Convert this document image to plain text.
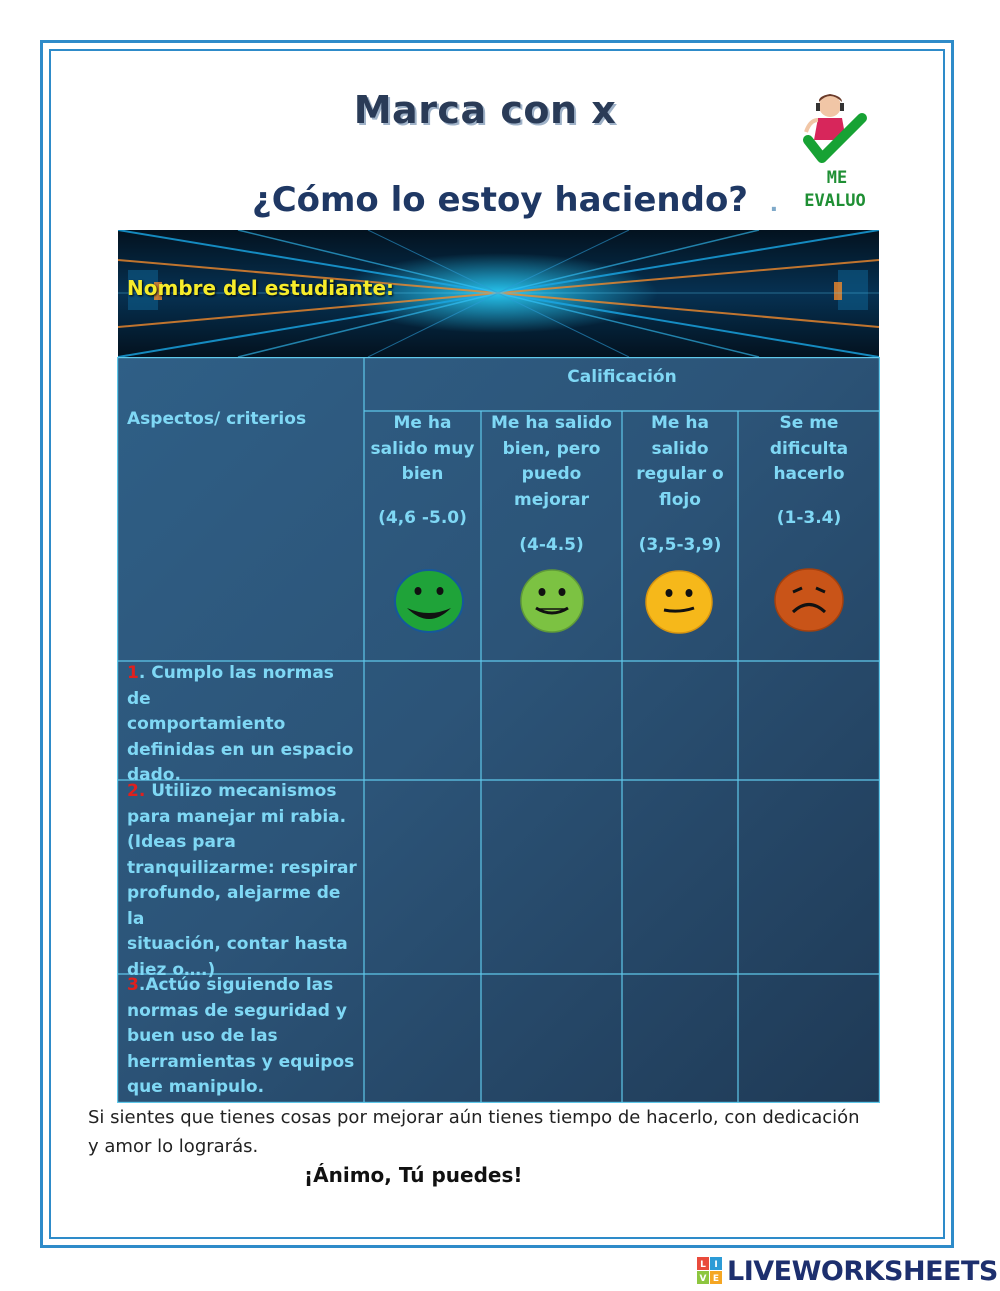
Marca con x
¿Cómo lo estoy haciendo? .
ME
EVALUO
Nombre del estudiante:
Aspectos/ criterios
Calificación
Me ha
salido muy
bien
(4,6 -5.0)
Me ha salido
bien, pero
puedo
mejorar
(4-4.5)
Me ha
salido
regular o
flojo
(3,5-3,9)
Se me
dificulta
hacerlo
(1-3.4)
1. Cumplo las normas de
comportamiento
definidas en un espacio
dado.
2. Utilizo mecanismos
para manejar mi rabia.
(Ideas para
tranquilizarme: respirar
profundo, alejarme de la
situación, contar hasta
diez o….)
3.Actúo siguiendo las
normas de seguridad y
buen uso de las
herramientas y equipos
que manipulo.
Si sientes que tienes cosas por mejorar aún tienes tiempo de hacerlo, con dedicación
y amor lo lograrás.
¡Ánimo, Tú puedes!
L I
V E LIVEWORKSHEETS
